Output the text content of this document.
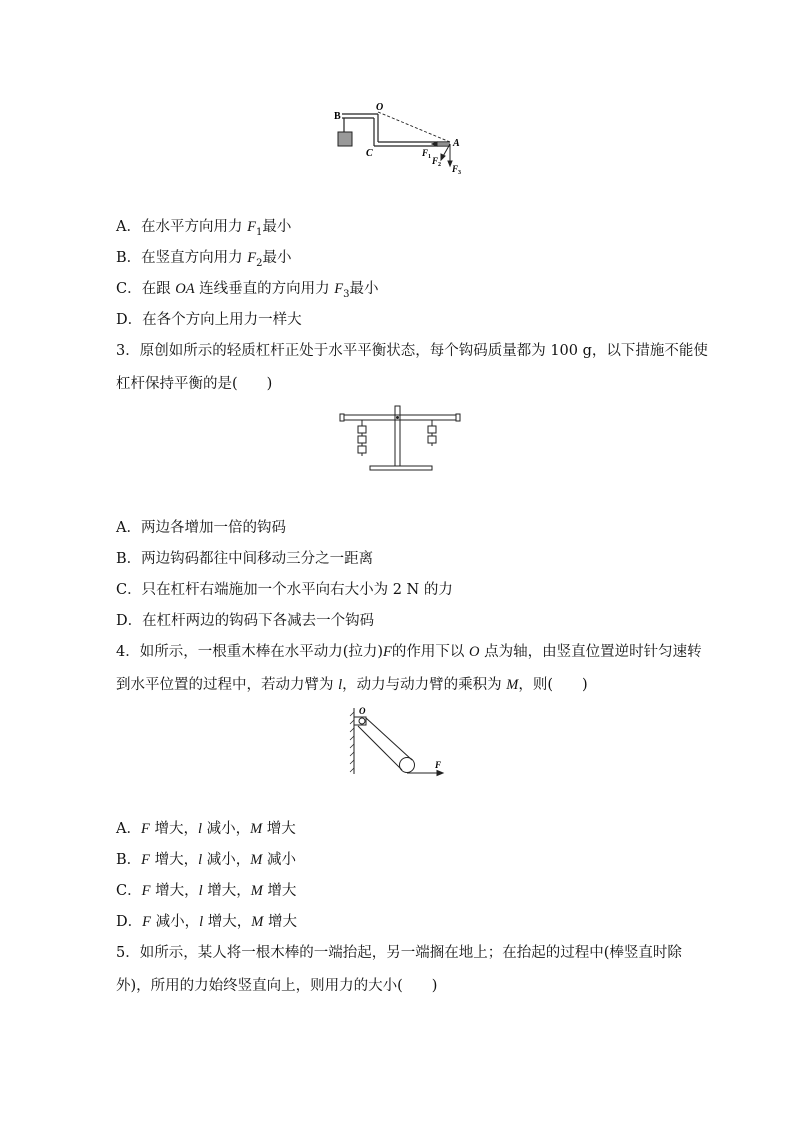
B
O
C
A
F 1 F 2 F 3
A．在水平方向用力 $F_1$最小
B．在竖直方向用力 $F_2$最小
C．在跟 OA 连线垂直的方向用力 $F_3$最小
D．在各个方向上用力一样大
3．原创如所示的轻质杠杆正处于水平平衡状态，每个钩码质量都为 100 g，以下措施不能使
杠杆保持平衡的是(　　)
A．两边各增加一倍的钩码
B．两边钩码都往中间移动三分之一距离
C．只在杠杆右端施加一个水平向右大小为 2 N 的力
D．在杠杆两边的钩码下各减去一个钩码
4．如所示，一根重木棒在水平动力(拉力)F的作用下以 O 点为轴，由竖直位置逆时针匀速转
到水平位置的过程中，若动力臂为 l，动力与动力臂的乘积为 M，则(　　)
O
F
A．F 增大，l 减小，M 增大
B．F 增大，l 减小，M 减小
C．F 增大，l 增大，M 增大
D．F 减小，l 增大，M 增大
5．如所示，某人将一根木棒的一端抬起，另一端搁在地上；在抬起的过程中(棒竖直时除
外)，所用的力始终竖直向上，则用力的大小(　　)
